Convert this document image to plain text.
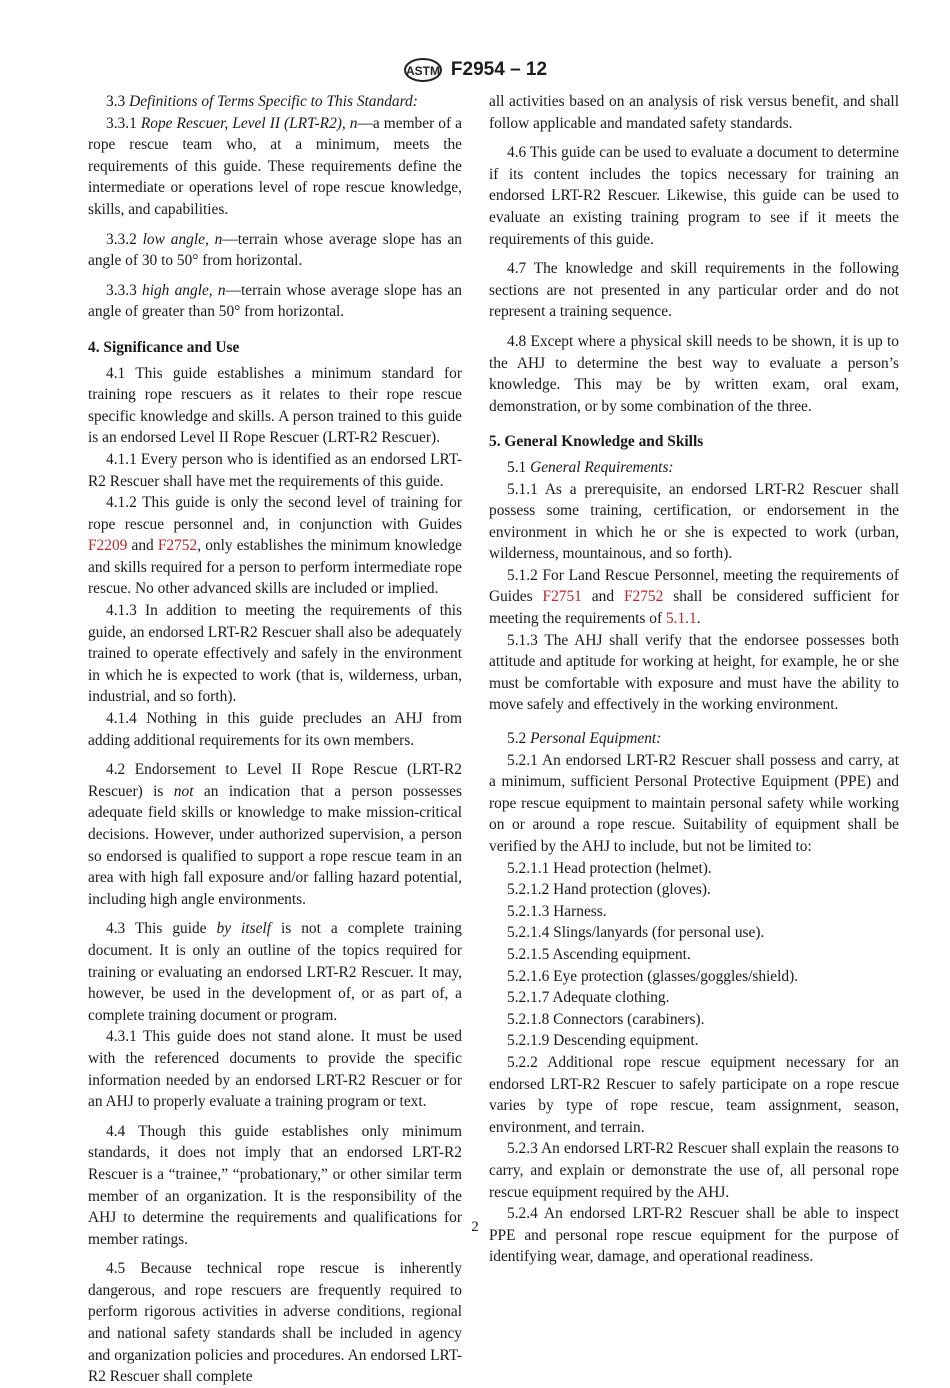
ASTM F2954 – 12

3.3 Definitions of Terms Specific to This Standard:

3.3.1 Rope Rescuer, Level II (LRT-R2), n—a member of a rope rescue team who, at a minimum, meets the requirements of this guide. These requirements define the intermediate or operations level of rope rescue knowledge, skills, and capabilities.

3.3.2 low angle, n—terrain whose average slope has an angle of 30 to 50° from horizontal.

3.3.3 high angle, n—terrain whose average slope has an angle of greater than 50° from horizontal.

4. Significance and Use

4.1 This guide establishes a minimum standard for training rope rescuers as it relates to their rope rescue specific knowledge and skills. A person trained to this guide is an endorsed Level II Rope Rescuer (LRT-R2 Rescuer).

4.1.1 Every person who is identified as an endorsed LRT-R2 Rescuer shall have met the requirements of this guide.

4.1.2 This guide is only the second level of training for rope rescue personnel and, in conjunction with Guides F2209 and F2752, only establishes the minimum knowledge and skills required for a person to perform intermediate rope rescue. No other advanced skills are included or implied.

4.1.3 In addition to meeting the requirements of this guide, an endorsed LRT-R2 Rescuer shall also be adequately trained to operate effectively and safely in the environment in which he is expected to work (that is, wilderness, urban, industrial, and so forth).

4.1.4 Nothing in this guide precludes an AHJ from adding additional requirements for its own members.

4.2 Endorsement to Level II Rope Rescue (LRT-R2 Rescuer) is not an indication that a person possesses adequate field skills or knowledge to make mission-critical decisions. However, under authorized supervision, a person so endorsed is qualified to support a rope rescue team in an area with high fall exposure and/or falling hazard potential, including high angle environments.

4.3 This guide by itself is not a complete training document. It is only an outline of the topics required for training or evaluating an endorsed LRT-R2 Rescuer. It may, however, be used in the development of, or as part of, a complete training document or program.

4.3.1 This guide does not stand alone. It must be used with the referenced documents to provide the specific information needed by an endorsed LRT-R2 Rescuer or for an AHJ to properly evaluate a training program or text.

4.4 Though this guide establishes only minimum standards, it does not imply that an endorsed LRT-R2 Rescuer is a “trainee,” “probationary,” or other similar term member of an organization. It is the responsibility of the AHJ to determine the requirements and qualifications for member ratings.

4.5 Because technical rope rescue is inherently dangerous, and rope rescuers are frequently required to perform rigorous activities in adverse conditions, regional and national safety standards shall be included in agency and organization policies and procedures. An endorsed LRT-R2 Rescuer shall complete

all activities based on an analysis of risk versus benefit, and shall follow applicable and mandated safety standards.

4.6 This guide can be used to evaluate a document to determine if its content includes the topics necessary for training an endorsed LRT-R2 Rescuer. Likewise, this guide can be used to evaluate an existing training program to see if it meets the requirements of this guide.

4.7 The knowledge and skill requirements in the following sections are not presented in any particular order and do not represent a training sequence.

4.8 Except where a physical skill needs to be shown, it is up to the AHJ to determine the best way to evaluate a person’s knowledge. This may be by written exam, oral exam, demonstration, or by some combination of the three.

5. General Knowledge and Skills

5.1 General Requirements:

5.1.1 As a prerequisite, an endorsed LRT-R2 Rescuer shall possess some training, certification, or endorsement in the environment in which he or she is expected to work (urban, wilderness, mountainous, and so forth).

5.1.2 For Land Rescue Personnel, meeting the requirements of Guides F2751 and F2752 shall be considered sufficient for meeting the requirements of 5.1.1.

5.1.3 The AHJ shall verify that the endorsee possesses both attitude and aptitude for working at height, for example, he or she must be comfortable with exposure and must have the ability to move safely and effectively in the working environment.

5.2 Personal Equipment:

5.2.1 An endorsed LRT-R2 Rescuer shall possess and carry, at a minimum, sufficient Personal Protective Equipment (PPE) and rope rescue equipment to maintain personal safety while working on or around a rope rescue. Suitability of equipment shall be verified by the AHJ to include, but not be limited to:

5.2.1.1 Head protection (helmet).

5.2.1.2 Hand protection (gloves).

5.2.1.3 Harness.

5.2.1.4 Slings/lanyards (for personal use).

5.2.1.5 Ascending equipment.

5.2.1.6 Eye protection (glasses/goggles/shield).

5.2.1.7 Adequate clothing.

5.2.1.8 Connectors (carabiners).

5.2.1.9 Descending equipment.

5.2.2 Additional rope rescue equipment necessary for an endorsed LRT-R2 Rescuer to safely participate on a rope rescue varies by type of rope rescue, team assignment, season, environment, and terrain.

5.2.3 An endorsed LRT-R2 Rescuer shall explain the reasons to carry, and explain or demonstrate the use of, all personal rope rescue equipment required by the AHJ.

5.2.4 An endorsed LRT-R2 Rescuer shall be able to inspect PPE and personal rope rescue equipment for the purpose of identifying wear, damage, and operational readiness.

2
